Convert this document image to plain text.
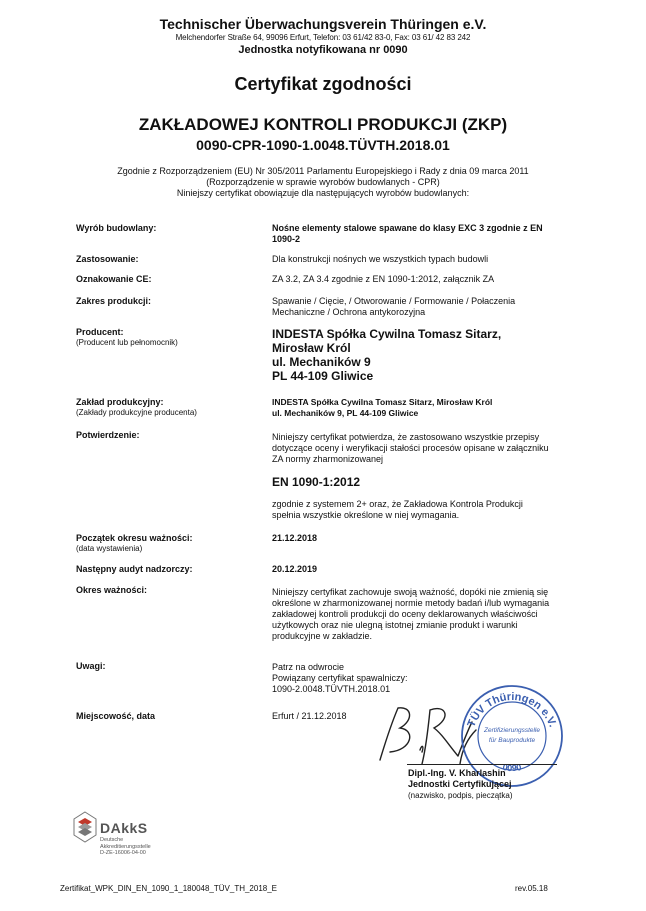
Technischer Überwachungsverein Thüringen e.V.
Melchendorfer Straße 64, 99096 Erfurt, Telefon: 03 61/42 83-0, Fax: 03 61/ 42 83 242
Jednostka notyfikowana nr 0090
Certyfikat zgodności
ZAKŁADOWEJ KONTROLI PRODUKCJI (ZKP)
0090-CPR-1090-1.0048.TÜVTH.2018.01
Zgodnie z Rozporządzeniem (EU) Nr 305/2011 Parlamentu Europejskiego i Rady z dnia 09 marca 2011
(Rozporządzenie w sprawie wyrobów budowlanych - CPR)
Niniejszy certyfikat obowiązuje dla następujących wyrobów budowlanych:
Wyrób budowlany:	Nośne elementy stalowe spawane do klasy EXC 3 zgodnie z EN
1090-2
Zastosowanie:	Dla konstrukcji nośnych we wszystkich typach budowli
Oznakowanie CE:	ZA 3.2, ZA 3.4 zgodnie z EN 1090-1:2012, załącznik ZA
Zakres produkcji:	Spawanie / Cięcie, / Otworowanie / Formowanie / Połaczenia
Mechaniczne / Ochrona antykorozyjna
Producent:
(Producent lub pełnomocnik)
INDESTA Spółka Cywilna Tomasz Sitarz,
Mirosław Król
ul. Mechaników 9
PL 44-109 Gliwice
Zakład produkcyjny:
(Zakłady produkcyjne producenta)
INDESTA Spółka Cywilna Tomasz Sitarz, Mirosław Król
ul. Mechaników 9, PL 44-109 Gliwice
Potwierdzenie:	Niniejszy certyfikat potwierdza, że zastosowano wszystkie przepisy
dotyczące oceny i weryfikacji stałości procesów opisane w załączniku
ZA normy zharmonizowanej
EN 1090-1:2012
zgodnie z systemem 2+ oraz, że Zakładowa Kontrola Produkcji
spełnia wszystkie określone w niej wymagania.
Początek okresu ważności:
(data wystawienia)
21.12.2018
Następny audyt nadzorczy:	20.12.2019
Okres ważności:	Niniejszy certyfikat zachowuje swoją ważność, dopóki nie zmienią się
określone w zharmonizowanej normie metody badań i/lub wymagania
zakładowej kontroli produkcji do oceny deklarowanych właściwości
użytkowych oraz nie ulegną istotnej zmianie produkt i warunki
produkcyjne w zakładzie.
Uwagi:	Patrz na odwrocie
Powiązany certyfikat spawalniczy:
1090-2.0048.TÜVTH.2018.01
Miejscowość, data	Erfurt / 21.12.2018
TÜV Thüringen e.V.
0090
Zertifizierungsstelle
für Bauprodukte
Dipl.-Ing. V. Kharlashin
Jednostki Certyfikującej
(nazwisko, podpis, pieczątka)
DAkkS
Deutsche
Akkreditierungsstelle
D-ZE-16006-04-00
Zertifikat_WPK_DIN_EN_1090_1_180048_TÜV_TH_2018_E	rev.05.18
